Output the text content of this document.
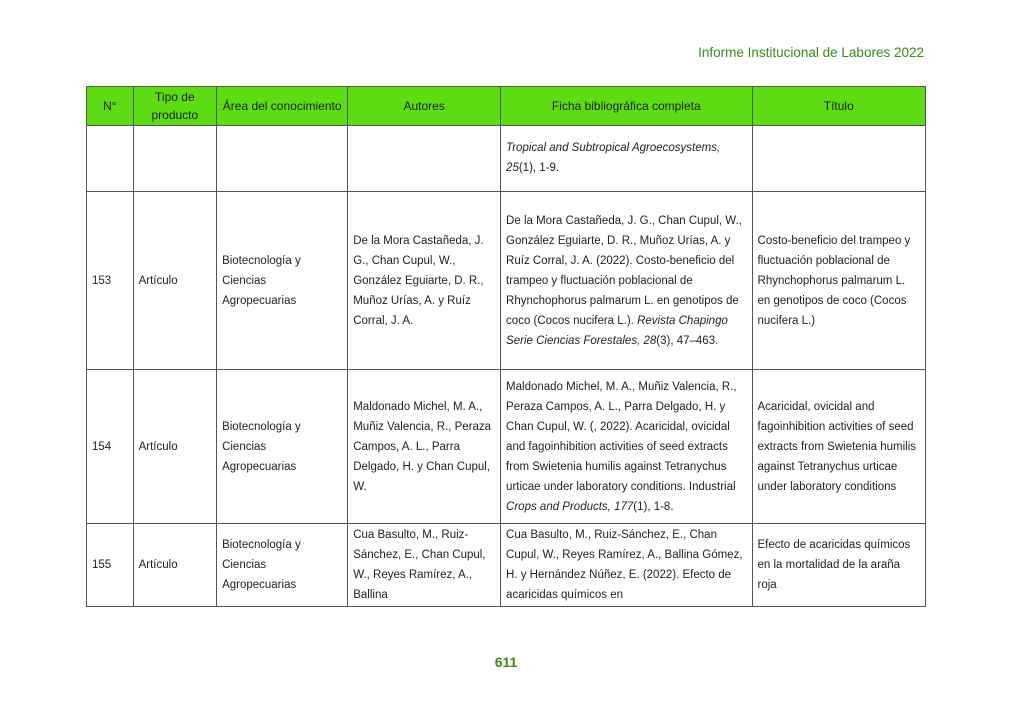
Informe Institucional de Labores 2022
N°	Tipo de producto	Área del conocimiento	Autores	Ficha bibliográfica completa	Título
				Tropical and Subtropical Agroecosystems, 25(1), 1-9.	
153	Artículo	Biotecnología y Ciencias Agropecuarias	De la Mora Castañeda, J. G., Chan Cupul, W., González Eguiarte, D. R., Muñoz Urías, A. y Ruíz Corral, J. A.	De la Mora Castañeda, J. G., Chan Cupul, W., González Eguiarte, D. R., Muñoz Urías, A. y Ruíz Corral, J. A. (2022). Costo-beneficio del trampeo y fluctuación poblacional de Rhynchophorus palmarum L. en genotipos de coco (Cocos nucifera L.). Revista Chapingo Serie Ciencias Forestales, 28(3), 47–463.	Costo-beneficio del trampeo y fluctuación poblacional de Rhynchophorus palmarum L. en genotipos de coco (Cocos nucifera L.)
154	Artículo	Biotecnología y Ciencias Agropecuarias	Maldonado Michel, M. A., Muñiz Valencia, R., Peraza Campos, A. L., Parra Delgado, H. y Chan Cupul, W.	Maldonado Michel, M. A., Muñiz Valencia, R., Peraza Campos, A. L., Parra Delgado, H. y Chan Cupul, W. (, 2022). Acaricidal, ovicidal and fagoinhibition activities of seed extracts from Swietenia humilis against Tetranychus urticae under laboratory conditions. Industrial Crops and Products, 177(1), 1-8.	Acaricidal, ovicidal and fagoinhibition activities of seed extracts from Swietenia humilis against Tetranychus urticae under laboratory conditions
155	Artículo	Biotecnología y Ciencias Agropecuarias	Cua Basulto, M., Ruiz-Sánchez, E., Chan Cupul, W., Reyes Ramírez, A., Ballina	Cua Basulto, M., Ruiz-Sánchez, E., Chan Cupul, W., Reyes Ramírez, A., Ballina Gómez, H. y Hernández Núñez, E. (2022). Efecto de acaricidas químicos en	Efecto de acaricidas químicos en la mortalidad de la araña roja
611
